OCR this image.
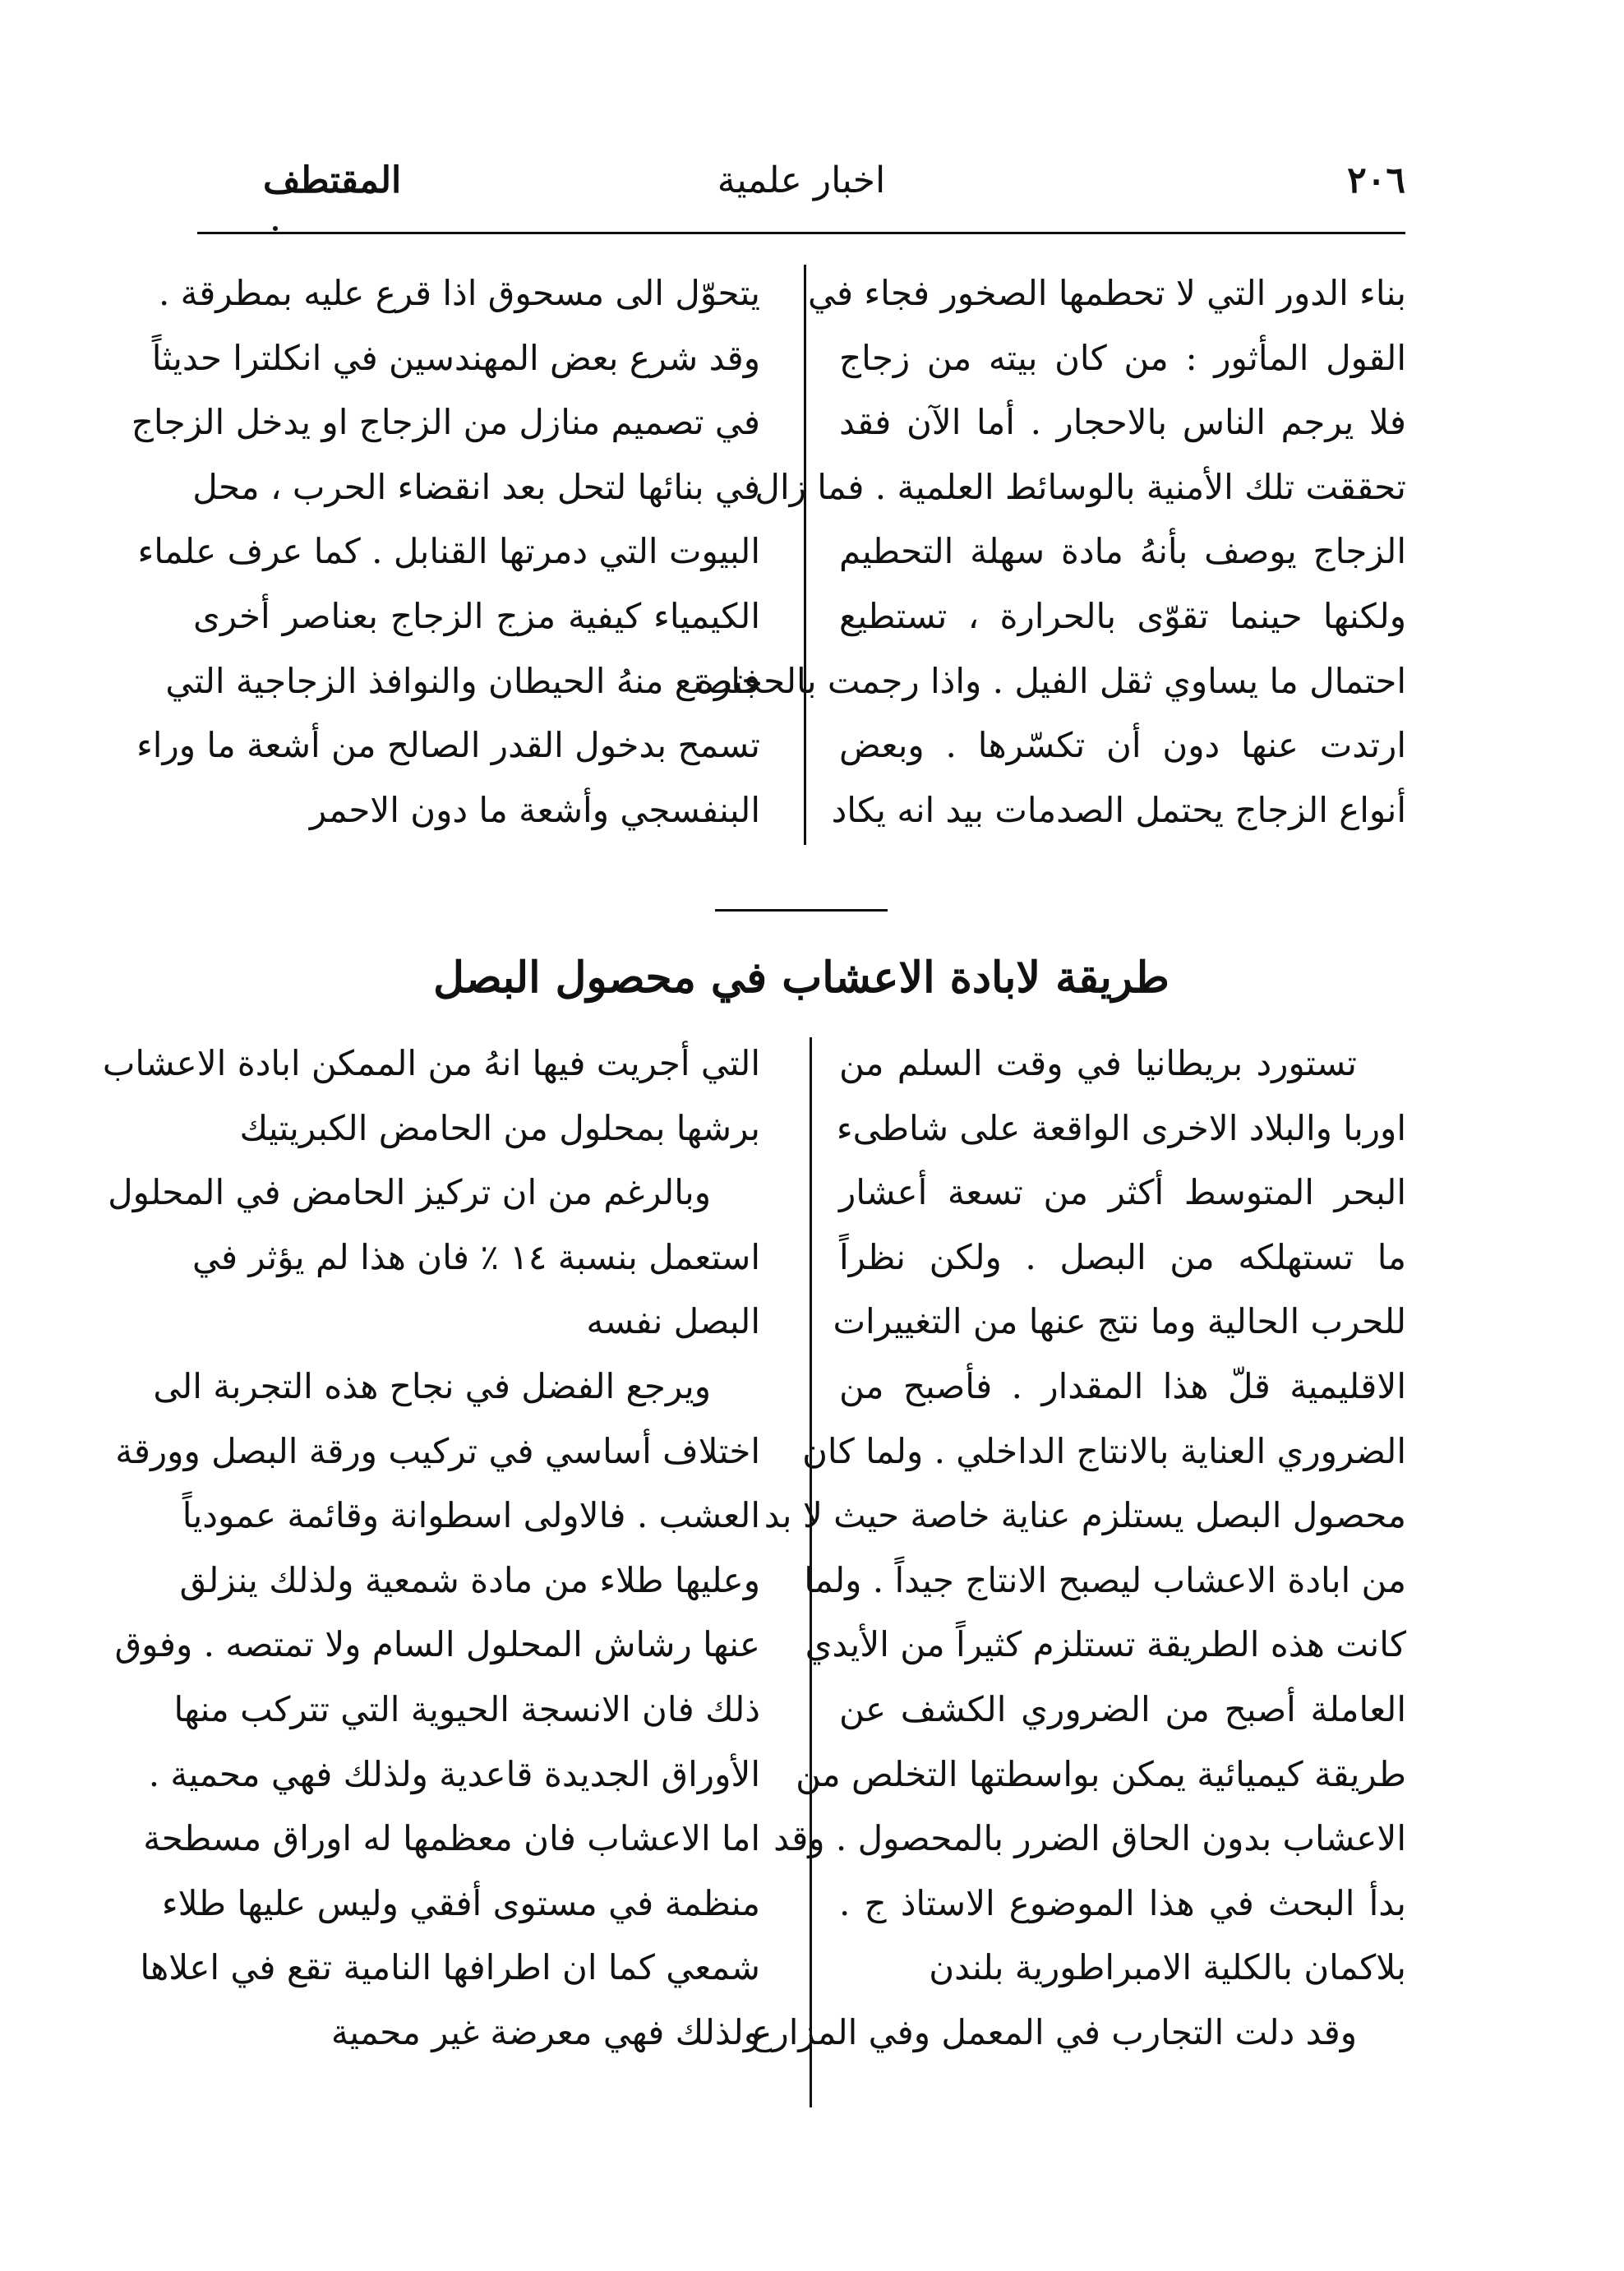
٢٠٦
اخبار علمية
المقتطف
بناء الدور التي لا تحطمها الصخور فجاء في
القول المأثور : من كان بيته من زجاج
فلا يرجم الناس بالاحجار . أما الآن فقد
تحققت تلك الأمنية بالوسائط العلمية . فما زال
الزجاج يوصف بأنهُ مادة سهلة التحطيم
ولكنها حينما تقوّى بالحرارة ، تستطيع
احتمال ما يساوي ثقل الفيل . واذا رجمت بالحجارة
ارتدت عنها دون أن تكسّرها . وبعض
أنواع الزجاج يحتمل الصدمات بيد انه يكاد
يتحوّل الى مسحوق اذا قرع عليه بمطرقة .
وقد شرع بعض المهندسين في انكلترا حديثاً
في تصميم منازل من الزجاج او يدخل الزجاج
في بنائها لتحل بعد انقضاء الحرب ، محل
البيوت التي دمرتها القنابل . كما عرف علماء
الكيمياء كيفية مزج الزجاج بعناصر أخرى
فتصنع منهُ الحيطان والنوافذ الزجاجية التي
تسمح بدخول القدر الصالح من أشعة ما وراء
البنفسجي وأشعة ما دون الاحمر
طريقة لابادة الاعشاب في محصول البصل
تستورد بريطانيا في وقت السلم من
اوربا والبلاد الاخرى الواقعة على شاطىء
البحر المتوسط أكثر من تسعة أعشار
ما تستهلكه من البصل . ولكن نظراً
للحرب الحالية وما نتج عنها من التغييرات
الاقليمية قلّ هذا المقدار . فأصبح من
الضروري العناية بالانتاج الداخلي . ولما كان
محصول البصل يستلزم عناية خاصة حيث لا بد
من ابادة الاعشاب ليصبح الانتاج جيداً . ولما
كانت هذه الطريقة تستلزم كثيراً من الأيدي
العاملة أصبح من الضروري الكشف عن
طريقة كيميائية يمكن بواسطتها التخلص من
الاعشاب بدون الحاق الضرر بالمحصول . وقد
بدأ البحث في هذا الموضوع الاستاذ ج .
بلاكمان بالكلية الامبراطورية بلندن
وقد دلت التجارب في المعمل وفي المزارع
التي أجريت فيها انهُ من الممكن ابادة الاعشاب
برشها بمحلول من الحامض الكبريتيك
وبالرغم من ان تركيز الحامض في المحلول
استعمل بنسبة ١٤ ٪ فان هذا لم يؤثر في
البصل نفسه
ويرجع الفضل في نجاح هذه التجربة الى
اختلاف أساسي في تركيب ورقة البصل وورقة
العشب . فالاولى اسطوانة وقائمة عمودياً
وعليها طلاء من مادة شمعية ولذلك ينزلق
عنها رشاش المحلول السام ولا تمتصه . وفوق
ذلك فان الانسجة الحيوية التي تتركب منها
الأوراق الجديدة قاعدية ولذلك فهي محمية .
اما الاعشاب فان معظمها له اوراق مسطحة
منظمة في مستوى أفقي وليس عليها طلاء
شمعي كما ان اطرافها النامية تقع في اعلاها
ولذلك فهي معرضة غير محمية
